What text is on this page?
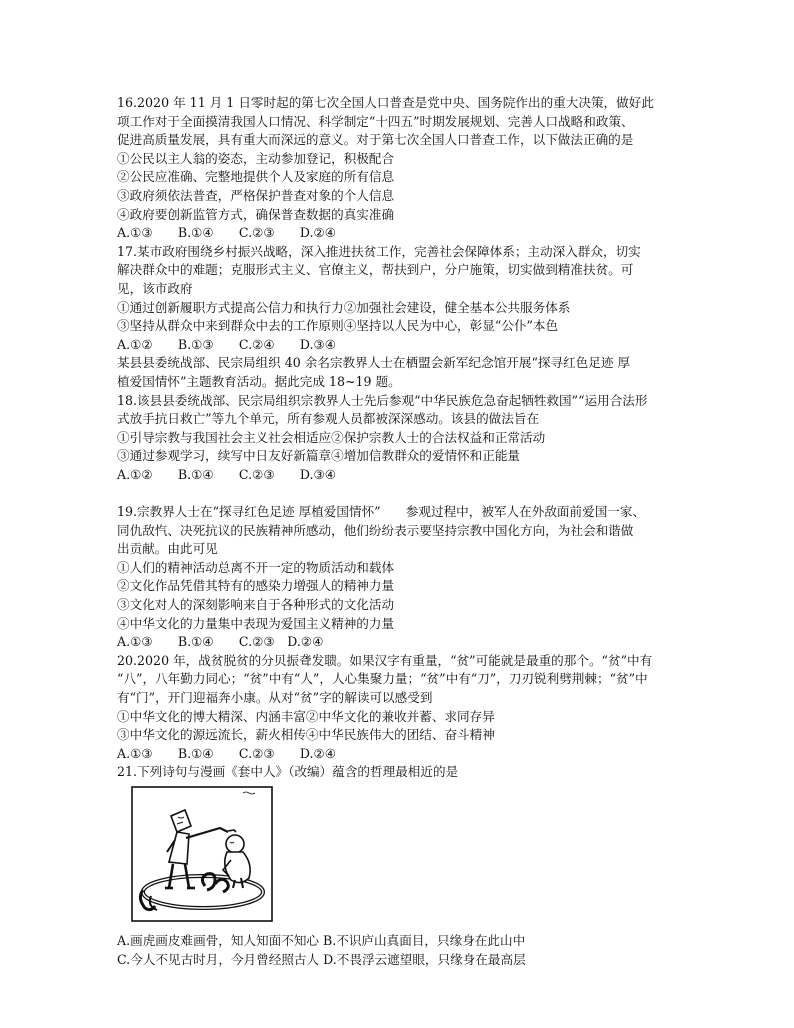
16.2020 年 11 月 1 日零时起的第七次全国人口普查是党中央、国务院作出的重大决策，做好此
项工作对于全面摸清我国人口情况、科学制定“十四五”时期发展规划、完善人口战略和政策、
促进高质量发展，具有重大而深远的意义。对于第七次全国人口普查工作，以下做法正确的是
①公民以主人翁的姿态，主动参加登记，积极配合
②公民应准确、完整地提供个人及家庭的所有信息
③政府须依法普查，严格保护普查对象的个人信息
④政府要创新监管方式，确保普查数据的真实准确
A.①③　　B.①④　　C.②③　　D.②④
17.某市政府围绕乡村振兴战略，深入推进扶贫工作，完善社会保障体系；主动深入群众，切实
解决群众中的难题；克服形式主义、官僚主义，帮扶到户，分户施策，切实做到精准扶贫。可
见，该市政府
①通过创新履职方式提高公信力和执行力②加强社会建设，健全基本公共服务体系
③坚持从群众中来到群众中去的工作原则④坚持以人民为中心，彰显“公仆”本色
A.①②　　B.①③　　C.②④　　D.③④
某县县委统战部、民宗局组织 40 余名宗教界人士在栖盟会新军纪念馆开展“探寻红色足迹 厚
植爱国情怀”主题教育活动。据此完成 18~19 题。
18.该县县委统战部、民宗局组织宗教界人士先后参观“中华民族危急奋起牺牲救国”“运用合法形
式放手抗日救亡”等九个单元，所有参观人员都被深深感动。该县的做法旨在
①引导宗教与我国社会主义社会相适应②保护宗教人士的合法权益和正常活动
③通过参观学习，续写中日友好新篇章④增加信教群众的爱情怀和正能量
A.①②　　B.①④　　C.②③　　D.③④
19.宗教界人士在“探寻红色足迹 厚植爱国情怀”　　参观过程中，被军人在外敌面前爱国一家、
同仇敌忾、决死抗议的民族精神所感动，他们纷纷表示要坚持宗教中国化方向，为社会和谐做
出贡献。由此可见
①人们的精神活动总离不开一定的物质活动和载体
②文化作品凭借其特有的感染力增强人的精神力量
③文化对人的深刻影响来自于各种形式的文化活动
④中华文化的力量集中表现为爱国主义精神的力量
A.①③　　B.①④　　C.②③　D.②④
20.2020 年，战贫脱贫的分贝振聋发聩。如果汉字有重量，“贫”可能就是最重的那个。“贫”中有
“八”，八年勤力同心；“贫”中有“人”，人心集聚力量；“贫”中有“刀”，刀刃锐利劈荆棘；“贫”中
有“门”，开门迎福奔小康。从对“贫”字的解读可以感受到
①中华文化的博大精深、内涵丰富②中华文化的兼收并蓄、求同存异
③中华文化的源远流长，薪火相传④中华民族伟大的团结、奋斗精神
A.①③　　B.①④　　C.②③　　D.②④
21.下列诗句与漫画《套中人》（改编）蕴含的哲理最相近的是
A.画虎画皮难画骨，知人知面不知心 B.不识庐山真面目，只缘身在此山中
C.今人不见古时月，今月曾经照古人 D.不畏浮云遮望眼，只缘身在最高层
